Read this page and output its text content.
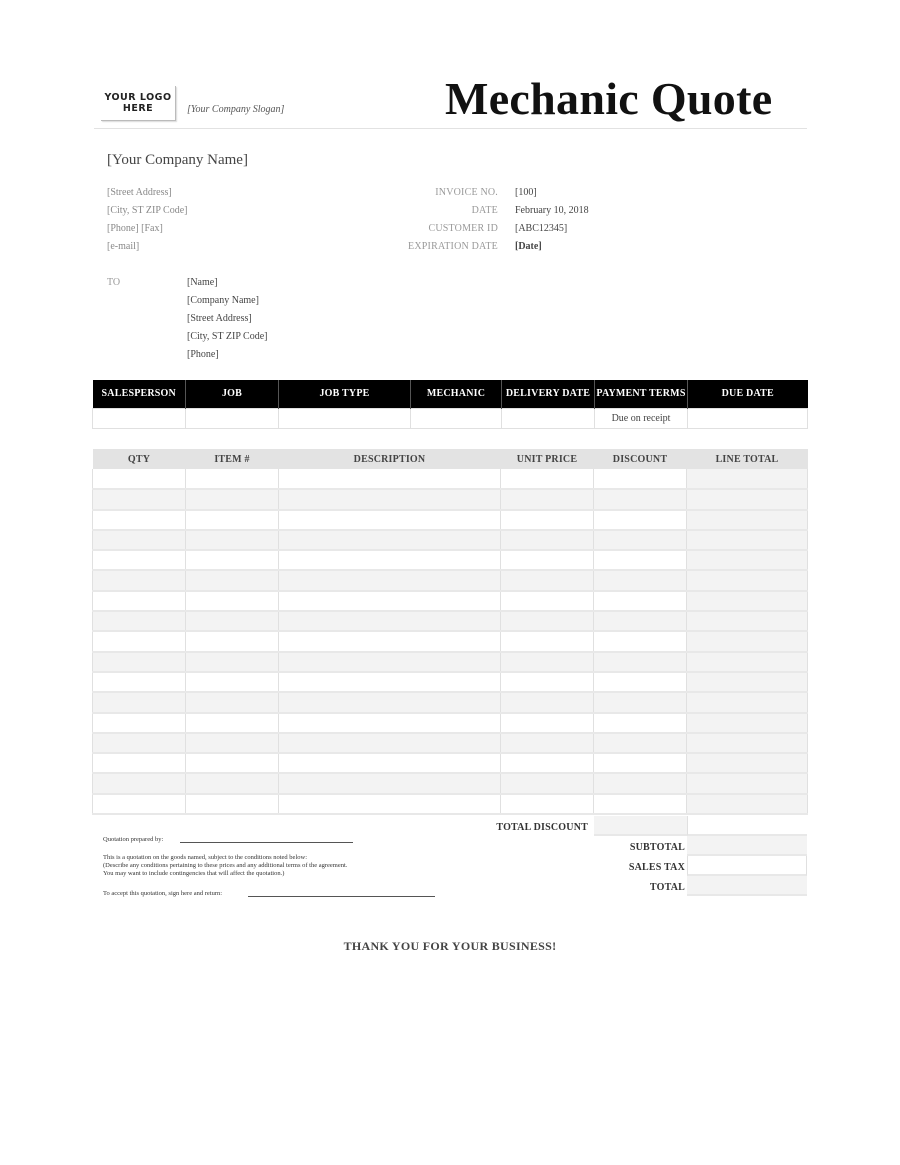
YOUR LOGO
HERE	[Your Company Slogan]	Mechanic Quote
[Your Company Name]
[Street Address]
[City, ST ZIP Code]
[Phone] [Fax]
[e-mail]
INVOICE NO. [100]
DATE February 10, 2018
CUSTOMER ID [ABC12345]
EXPIRATION DATE [Date]
TO	[Name]
[Company Name]
[Street Address]
[City, ST ZIP Code]
[Phone]
SALESPERSON	JOB	JOB TYPE	MECHANIC	DELIVERY DATE	PAYMENT TERMS	DUE DATE
					Due on receipt	
QTY	ITEM #	DESCRIPTION	UNIT PRICE	DISCOUNT	LINE TOTAL

TOTAL DISCOUNT
SUBTOTAL
SALES TAX
TOTAL
Quotation prepared by:
This is a quotation on the goods named, subject to the conditions noted below:
(Describe any conditions pertaining to these prices and any additional terms of the agreement.
You may want to include contingencies that will affect the quotation.)
To accept this quotation, sign here and return:
THANK YOU FOR YOUR BUSINESS!
